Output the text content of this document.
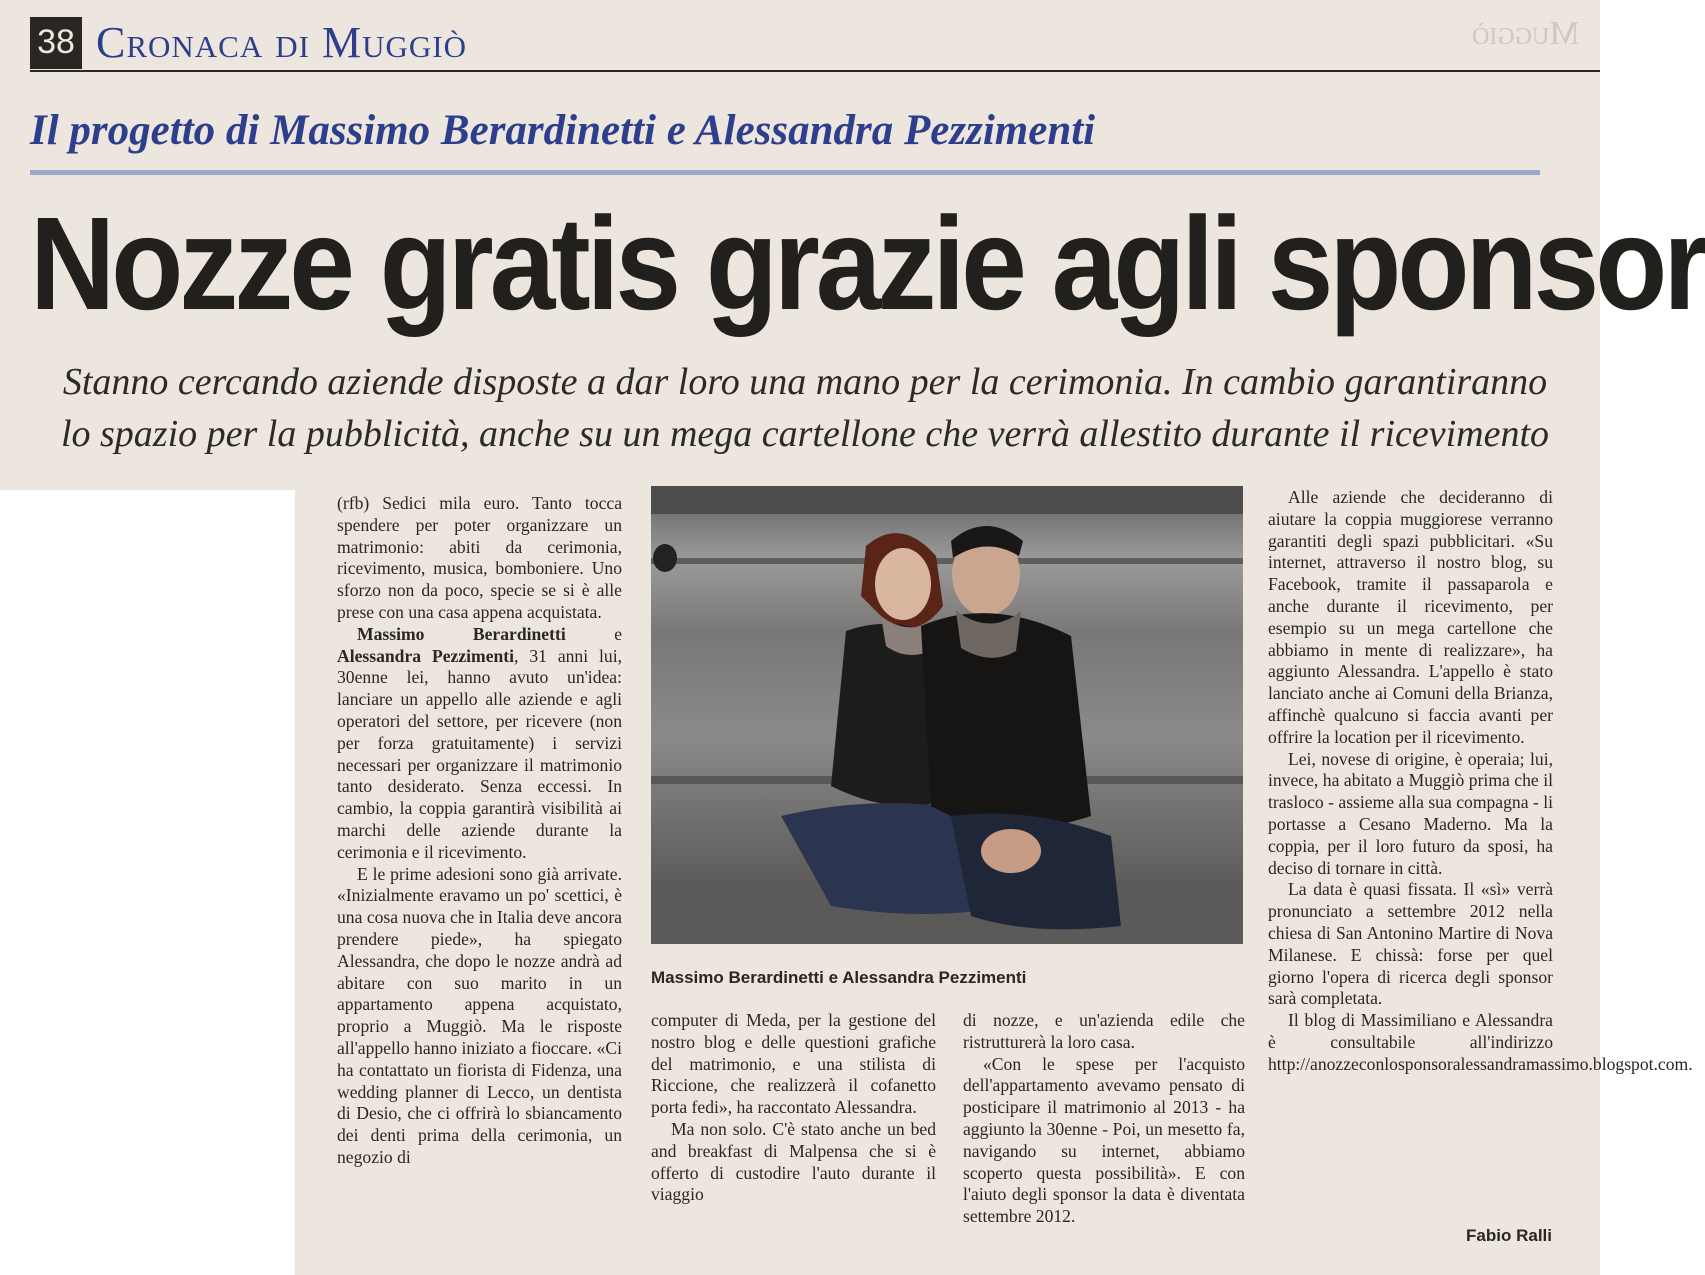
38 Cronaca di Muggiò	Muggiò
Il progetto di Massimo Berardinetti e Alessandra Pezzimenti
Nozze gratis grazie agli sponsor
Stanno cercando aziende disposte a dar loro una mano per la cerimonia. In cambio garantiranno
lo spazio per la pubblicità, anche su un mega cartellone che verrà allestito durante il ricevimento

(rfb) Sedici mila euro. Tanto tocca spendere per poter organizzare un matrimonio: abiti da cerimonia, ricevimento, musica, bomboniere. Uno sforzo non da poco, specie se si è alle prese con una casa appena acquistata.

Massimo Berardinetti e Alessandra Pezzimenti, 31 anni lui, 30enne lei, hanno avuto un'idea: lanciare un appello alle aziende e agli operatori del settore, per ricevere (non per forza gratuitamente) i servizi necessari per organizzare il matrimonio tanto desiderato. Senza eccessi. In cambio, la coppia garantirà visibilità ai marchi delle aziende durante la cerimonia e il ricevimento.

E le prime adesioni sono già arrivate. «Inizialmente eravamo un po' scettici, è una cosa nuova che in Italia deve ancora prendere piede», ha spiegato Alessandra, che dopo le nozze andrà ad abitare con suo marito in un appartamento appena acquistato, proprio a Muggiò. Ma le risposte all'appello hanno iniziato a fioccare. «Ci ha contattato un fiorista di Fidenza, una wedding planner di Lecco, un dentista di Desio, che ci offrirà lo sbiancamento dei denti prima della cerimonia, un negozio di

Massimo Berardinetti e Alessandra Pezzimenti

computer di Meda, per la gestione del nostro blog e delle questioni grafiche del matrimonio, e una stilista di Riccione, che realizzerà il cofanetto porta fedi», ha raccontato Alessandra.

Ma non solo. C'è stato anche un bed and breakfast di Malpensa che si è offerto di custodire l'auto durante il viaggio

di nozze, e un'azienda edile che ristrutturerà la loro casa.

«Con le spese per l'acquisto dell'appartamento avevamo pensato di posticipare il matrimonio al 2013 - ha aggiunto la 30enne - Poi, un mesetto fa, navigando su internet, abbiamo scoperto questa possibilità». E con l'aiuto degli sponsor la data è diventata settembre 2012.

Alle aziende che decideranno di aiutare la coppia muggiorese verranno garantiti degli spazi pubblicitari. «Su internet, attraverso il nostro blog, su Facebook, tramite il passaparola e anche durante il ricevimento, per esempio su un mega cartellone che abbiamo in mente di realizzare», ha aggiunto Alessandra. L'appello è stato lanciato anche ai Comuni della Brianza, affinchè qualcuno si faccia avanti per offrire la location per il ricevimento.

Lei, novese di origine, è operaia; lui, invece, ha abitato a Muggiò prima che il trasloco - assieme alla sua compagna - li portasse a Cesano Maderno. Ma la coppia, per il loro futuro da sposi, ha deciso di tornare in città.

La data è quasi fissata. Il «sì» verrà pronunciato a settembre 2012 nella chiesa di San Antonino Martire di Nova Milanese. E chissà: forse per quel giorno l'opera di ricerca degli sponsor sarà completata.

Il blog di Massimiliano e Alessandra è consultabile all'indirizzo http://anozzeconlosponsoralessandramassimo.blogspot.com.

Fabio Ralli
